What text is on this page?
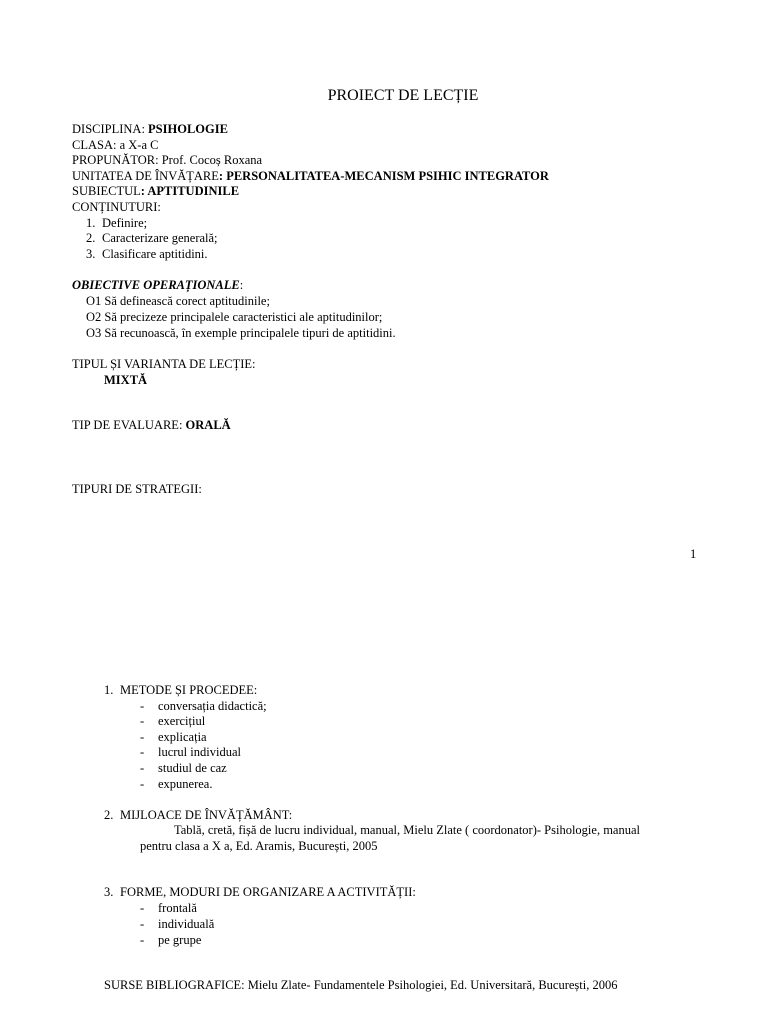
PROIECT DE LECȚIE
DISCIPLINA: PSIHOLOGIE
CLASA: a X-a C
PROPUNĂTOR: Prof. Cocoș Roxana
UNITATEA DE ÎNVĂȚARE: PERSONALITATEA-MECANISM PSIHIC INTEGRATOR
SUBIECTUL: APTITUDINILE
CONȚINUTURI:
1. Definire;
2. Caracterizare generală;
3. Clasificare aptitidini.
OBIECTIVE OPERAȚIONALE:
O1 Să definească corect aptitudinile;
O2 Să precizeze principalele caracteristici ale aptitudinilor;
O3 Să recunoască, în exemple principalele tipuri de aptitidini.
TIPUL ȘI VARIANTA DE LECȚIE:
MIXTĂ
TIP DE EVALUARE: ORALĂ
TIPURI DE STRATEGII:
1
1. METODE ȘI PROCEDEE:
- conversația didactică;
- exercițiul
- explicația
- lucrul individual
- studiul de caz
- expunerea.
2. MIJLOACE DE ÎNVĂȚĂMÂNT:
Tablă, cretă, fișă de lucru individual, manual, Mielu Zlate ( coordonator)- Psihologie, manual
pentru clasa a X a, Ed. Aramis, București, 2005
3. FORME, MODURI DE ORGANIZARE A ACTIVITĂȚII:
- frontală
- individuală
- pe grupe
SURSE BIBLIOGRAFICE: Mielu Zlate- Fundamentele Psihologiei, Ed. Universitară, București, 2006
